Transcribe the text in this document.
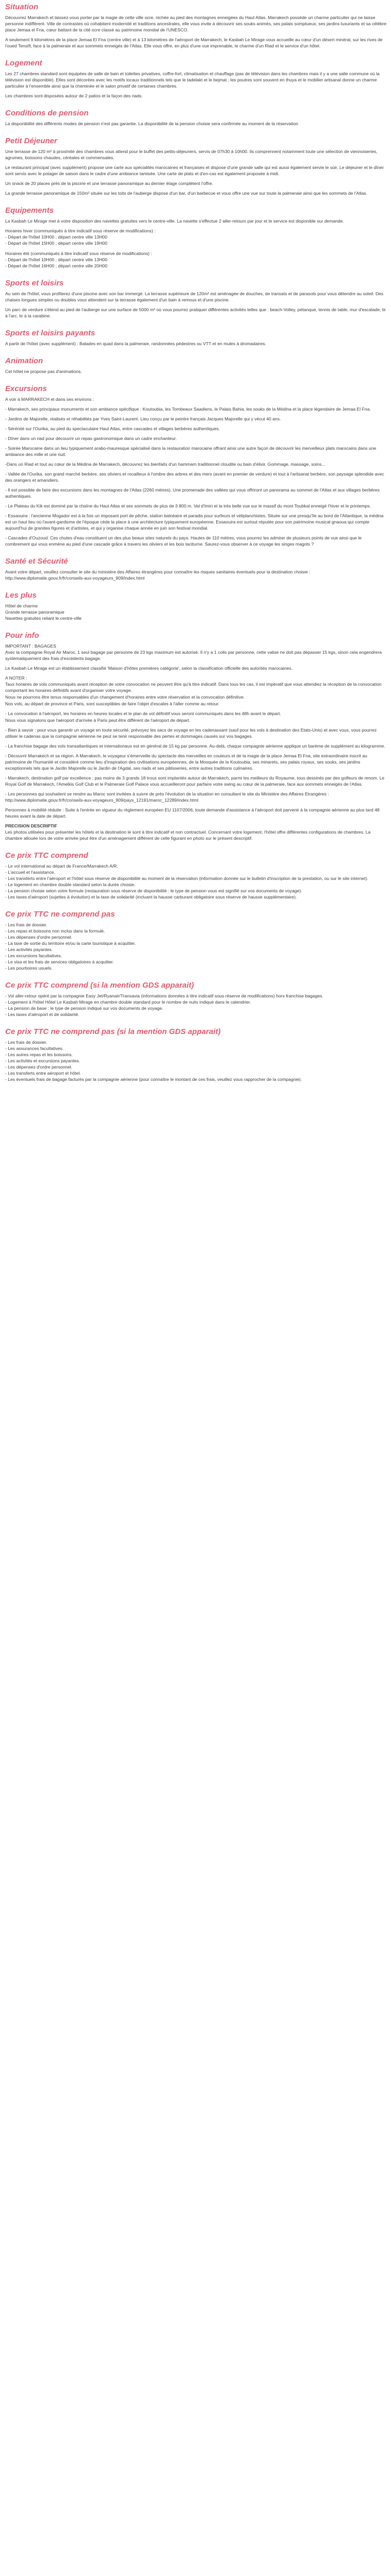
Situation

Découvrez Marrakech et laissez-vous porter par la magie de cette ville ocre, nichée au pied des montagnes enneigées du Haut Atlas. Marrakech possède un charme particulier qui ne laisse personne indifférent. Ville de contrastes où cohabitent modernité et traditions ancestrales, elle vous invite à découvrir ses souks animés, ses palais somptueux, ses jardins luxuriants et sa célèbre place Jemaa el Fna, cœur battant de la cité ocre classé au patrimoine mondial de l'UNESCO.

A seulement 9 kilomètres de la place Jemaa El Fna (centre ville) et à 13 kilomètres de l'aéroport de Marrakech, le Kasbah Le Mirage vous accueille au cœur d'un désert minéral, sur les rives de l'oued Tensift, face à la palmeraie et aux sommets enneigés de l'Atlas. Elle vous offre, en plus d'une vue imprenable, le charme d'un Riad et le service d'un hôtel.

Logement

Les 27 chambres standard sont équipées de salle de bain et toilettes privatives, coffre-fort, climatisation et chauffage (pas de télévision dans les chambres mais il y a une salle commune où la télévision est disponible). Elles sont décorées avec les motifs locaux traditionnels tels que le tadelakt et le bejmat ; les poutres sont souvent en thuya et le mobilier artisanal donne un charme particulier à l'ensemble ainsi que la cheminée et le salon privatif de certaines chambres.

Les chambres sont disposées autour de 2 patios et la façon des riads.

Conditions de pension

La disponibilité des différents modes de pension n'est pas garantie. La disponibilité de la pension choisie sera confirmée au moment de la réservation

Petit Déjeuner

Une terrasse de 120 m² à proximité des chambres vous attend pour le buffet des petits-déjeuners, servis de 07h30 à 10h00. Ils comprennent notamment toute une sélection de viennoiseries, agrumes, boissons chaudes, céréales et commensales.

Le restaurant principal (avec supplément) propose une carte aux spécialités marocaines et françaises et dispose d'une grande salle qui est aussi également servie le soir. Le déjeuner et le dîner sont servis avec le potager de saison dans le cadre d'une ambiance tamisée. Une carte de plats et d'en-cas est également proposée à midi.

Un snack de 20 places près de la piscine et une terrasse panoramique au dernier étage complètent l'offre.

La grande terrasse panoramique de 150m² située sur les toits de l'auberge dispose d'un bar, d'un barbecue et vous offre une vue sur toute la palmeraie ainsi que les sommets de l'Atlas.

Equipements

La Kasbah Le Mirage met à votre disposition des navettes gratuites vers le centre-ville. La navette s'effectue 2 aller-retours par jour et le service est disponible sur demande.

Horaires hiver (communiqués à titre indicatif sous réserve de modifications) :

- Départ de l'hôtel 10H00 ; départ centre ville 13H00

- Départ de l'hôtel 15H00 ; départ centre ville 19H00

Horaires été (communiqués à titre indicatif sous réserve de modifications) :

- Départ de l'hôtel 10H00 ; départ centre ville 13H00

- Départ de l'hôtel 16H00 ; départ centre ville 20H00

Sports et loisirs

Au sein de l'hôtel, vous profiterez d'une piscine avec son bar immergé. La terrasse supérieure de 120m² est aménagée de douches, de transats et de parasols pour vous détendre au soleil. Des chaises longues simples ou doubles vous attendent sur la terrasse également d'un bain à remous et d'une piscine.

Un parc de verdure s'étend au pied de l'auberge sur une surface de 5000 m² où vous pourrez pratiquer différentes activités telles que : beach-Volley, pétanque, tennis de table, mur d'escalade, tir à l'arc, tir à la carabine.

Sports et loisirs payants

A partir de l'hôtel (avec supplément) : Balades en quad dans la palmeraie, randonnées pédestres ou VTT et en mules à dromadaires.

Animation

Cet hôtel ne propose pas d'animations.

Excursions

A voir à MARRAKECH et dans ses environs :

- Marrakech, ses principaux monuments et son ambiance spécifique : Koutoubia, les Tombeaux Saadiens, le Palais Bahia, les souks de la Médina et la place légendaire de Jemaa El Fna.

- Jardins de Majorelle, réalisés et réhabilités par Yves Saint-Laurent. Lieu conçu par le peintre français Jacques Majorelle qui y vécut 40 ans.

- Sérénité sur l'Ourika, au pied du spectaculaire Haut Atlas, entre cascades et villages berbères authentiques.

- Dîner dans un riad pour découvrir un repas gastronomique dans un cadre enchanteur.

- Soirée Marocaine dans un lieu typiquement arabo-mauresque spécialisé dans la restauration marocaine offrant ainsi une autre façon de découvrir les merveilleux plats marocains dans une ambiance des mille et une nuit.

-Dans un Riad et tout au cœur de la Médina de Marrakech, découvrez les bienfaits d'un hammam traditionnel cloudite ou bain d'élixir. Gommage, massage, soins...

- Vallée de l'Ourika, son grand marché berbère, ses oliviers et rocailleux à l'ombre des arbres et des mers (avant en premier de verdure) et tout à l'artisanat berbère, son paysage splendide avec des orangers et amandiers.

- Il est possible de faire des excursions dans les montagnes de l'Atlas (2260 mètres). Une promenade des vallées qui vous offriront un panorama au sommet de l'Atlas et aux villages berbères authentiques.

- Le Plateau du Kik est dominé par la chaîne du Haut Atlas et ses sommets de plus de 3 800 m. Val d'Imiri et la très belle vue sur le massif du mont Toubkal enneigé l'hiver et le printemps.

- Essaouira : l'ancienne Mogador est à la fois un imposant port de pêche, station balnéaire et paradis pour surfeurs et véliplanchistes. Située sur une presqu'île au bord de l'Atlantique, la médina est un haut lieu où l'avant-gardisme de l'époque cède la place à une architecture typiquement européenne. Essaouira est surtout réputée pour son patrimoine musical gnaoua qui compte aujourd'hui de grandes figures et d'artistes, et qui y organise chaque année en juin son festival mondial.

- Cascades d'Ouzoud. Ces chutes d'eau constituent un des plus beaux sites naturels du pays. Hautes de 110 mètres, vous pourrez les admirer de plusieurs points de vue ainsi que le combrement qui vous enmène au pied d'une cascade grâce à travers les oliviers et les bois taciturne. Saurez-vous observer à ce voyage les singes magots ?

Santé et Sécurité

Avant votre départ, veuillez consulter le site du ministère des Affaires étrangères pour connaître les risques sanitaires éventuels pour la destination choisie : http://www.diplomatie.gouv.fr/fr/conseils-aux-voyageurs_909/index.html

Les plus

Hôtel de charme

Grande terrasse panoramique

Navettes gratuites reliant le centre-ville

Pour info

IMPORTANT : BAGAGES

Avec la compagnie Royal Air Maroc, 1 seul bagage par personne de 23 kgs maximum est autorisé. Il n'y a 1 colis par personne, cette valise ne doit pas dépasser 15 kgs, sinon cela engendrera systématiquement des frais d'excédents bagage.

Le Kasbah Le Mirage est un établissement classifié 'Maison d'hôtes premières catégorie', selon la classification officielle des autorités marocaines.

A NOTER :

Taux horaires de vols communiqués avant réception de votre convocation ne peuvent être qu'à titre indicatif. Dans tous les cas, il est impératif que vous attendiez la réception de la convocation comportant les horaires définitifs avant d'organiser votre voyage.

Nous ne pourrons être tenus responsables d'un changement d'horaires entre votre réservation et la convocation définitive.

Nos vols, au départ de province et Paris, sont susceptibles de faire l'objet d'escales à l'aller comme au retour.

- La convocation à l'aéroport, les horaires en heures locales et le plan de vol définitif vous seront communiqués dans les 48h avant le départ.

Nous vous signalons que l'aéroport d'arrivée à Paris peut être différent de l'aéroport de départ.

- Bien à savoir : pour vous garantir un voyage en toute sécurité, prévoyez les sacs de voyage en les cadenassant (sauf pour les vols à destination des Etats-Unis) et avec vous, vous pourrez utiliser le cadenas que la compagnie aérienne ne peut se tenir responsable des pertes et dommages causés sur vos bagages.

- La franchise bagage des vols transatlantiques et internationaux est en général de 15 kg par personne. Au-delà, chaque compagnie aérienne applique un barème de supplément au kilogramme.

- Découvrir Marrakech et sa région. A Marrakech, le voyageur s'émerveille du spectacle des merveilles en couleurs et de la magie de la place Jemaa El Fna, site extraordinaire inscrit au patrimoine de l'humanité et considéré comme lieu d'inspiration des civilisations européennes, de la Mosquée de la Koutoubia, ses minarets, ses palais royaux, ses souks, ses jardins exceptionnels tels que le Jardin Majorelle ou le Jardin de l'Agdal, ses riads et ses pâtisseries, entre autres traditions culinaires.

- Marrakech, destination golf par excellence : pas moins de 3 grands 18 trous sont implantés autour de Marrakech, parmi les meilleurs du Royaume, tous dessinés par des golfeurs de renom. Le Royal Golf de Marrakech, l'Amelkis Golf Club et le Palmeraie Golf Palace vous accueilleront pour parfaire votre swing au cœur de la palmeraie, face aux sommets enneigés de l'Atlas.

- Les personnes qui souhaitent se rendre au Maroc sont invitées à suivre de près l'évolution de la situation en consultant le site du Ministère des Affaires Etrangères : http://www.diplomatie.gouv.fr/fr/conseils-aux-voyageurs_909/pays_12191/maroc_12289/index.html

Personnes à mobilité réduite : Suite à l'entrée en vigueur du règlement européen EU 1107/2006, toute demande d'assistance à l'aéroport doit parvenir à la compagnie aérienne au plus tard 48 heures avant la date de départ.

PRECISION DESCRIPTIF

Les photos utilisées pour présenter les hôtels et la destination le sont à titre indicatif et non contractuel. Concernant votre logement, l'hôtel offre différentes configurations de chambres. La chambre allouée lors de votre arrivée peut être d'un aménagement différent de celle figurant en photo sur le présent descriptif.

Ce prix TTC comprend

- Le vol international au départ de France/Marrakech A/R.

- L'accueil et l'assistance.

- Les transferts entre l'aéroport et l'hôtel sous réserve de disponibilité au moment de la réservation (information donnée sur le bulletin d'inscription de la prestation, ou sur le site internet).

- Le logement en chambre double standard selon la durée choisie.

- La pension choisie selon votre formule (restauration sous réserve de disponibilité : le type de pension vous est signifié sur vos documents de voyage).

- Les taxes d'aéroport (sujettes à évolution) et la taxe de solidarité (incluant la hausse carburant obligatoire sous réserve de hausse supplémentaire).

Ce prix TTC ne comprend pas

- Les frais de dossier.

- Les repas et boissons non inclus dans la formule.

- Les dépenses d'ordre personnel.

- La taxe de sortie du territoire et/ou la carte touristique à acquitter.

- Les activités payantes.

- Les excursions facultatives.

- Le visa et les frais de services obligatoires à acquitter.

- Les pourboires usuels.

Ce prix TTC comprend (si la mention GDS apparait)

- Vol aller-retour opéré par la compagnie Easy Jet/Ryanair/Transavia (informations données à titre indicatif sous réserve de modifications) hors franchise bagages.

- Logement à l'hôtel Hôtel Le Kasbah Mirage en chambre double standard pour le nombre de nuits indiqué dans le calendrier.

- La pension de base : le type de pension indiqué sur vos documents de voyage.

- Les taxes d'aéroport et de solidarité.

Ce prix TTC ne comprend pas (si la mention GDS apparait)

- Les frais de dossier.

- Les assurances facultatives.

- Les autres repas et les boissons.

- Les activités et excursions payantes.

- Les dépenses d'ordre personnel.

- Les transferts entre aéroport et hôtel.

- Les éventuels frais de bagage facturés par la compagnie aérienne (pour connaître le montant de ces frais, veuillez vous rapprocher de la compagnie).
